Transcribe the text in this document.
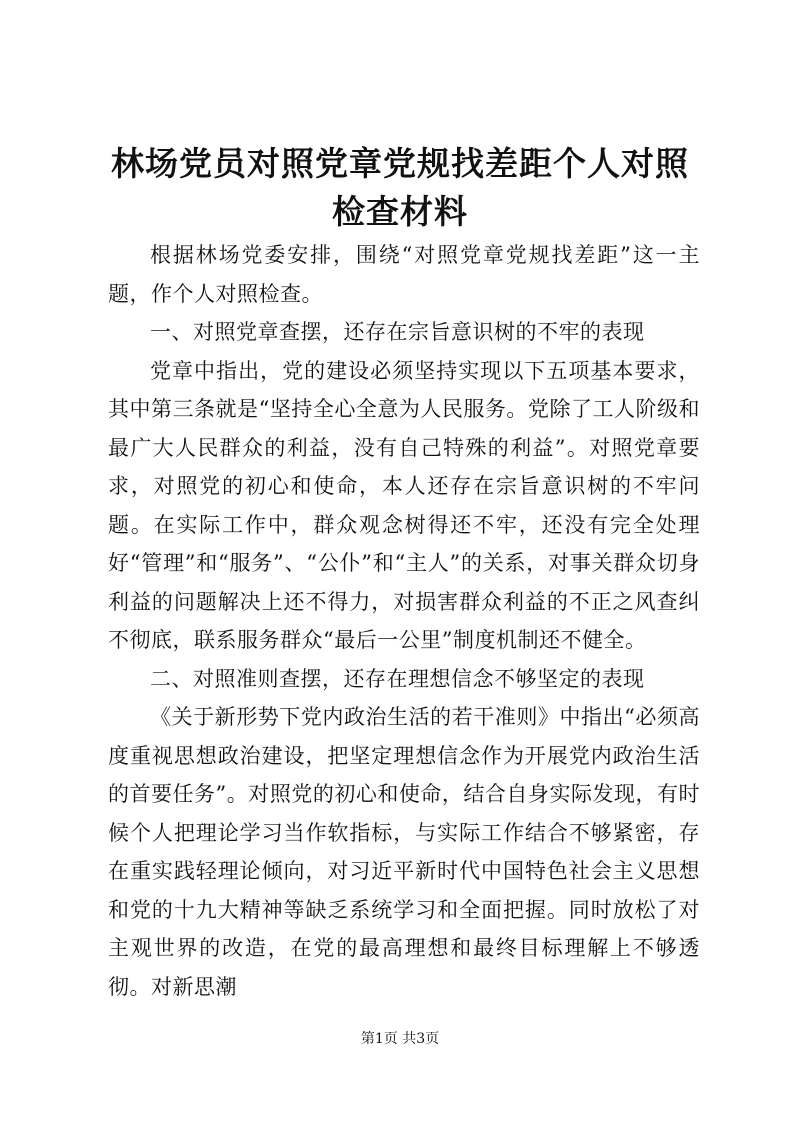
林场党员对照党章党规找差距个人对照检查材料

根据林场党委安排，围绕“对照党章党规找差距”这一主题，作个人对照检查。

一、对照党章查摆，还存在宗旨意识树的不牢的表现

党章中指出，党的建设必须坚持实现以下五项基本要求，其中第三条就是“坚持全心全意为人民服务。党除了工人阶级和最广大人民群众的利益，没有自己特殊的利益”。对照党章要求，对照党的初心和使命，本人还存在宗旨意识树的不牢问题。在实际工作中，群众观念树得还不牢，还没有完全处理好“管理”和“服务”、“公仆”和“主人”的关系，对事关群众切身利益的问题解决上还不得力，对损害群众利益的不正之风查纠不彻底，联系服务群众“最后一公里”制度机制还不健全。

二、对照准则查摆，还存在理想信念不够坚定的表现

《关于新形势下党内政治生活的若干准则》中指出“必须高度重视思想政治建设，把坚定理想信念作为开展党内政治生活的首要任务”。对照党的初心和使命，结合自身实际发现，有时候个人把理论学习当作软指标，与实际工作结合不够紧密，存在重实践轻理论倾向，对习近平新时代中国特色社会主义思想和党的十九大精神等缺乏系统学习和全面把握。同时放松了对主观世界的改造，在党的最高理想和最终目标理解上不够透彻。对新思潮

第1页 共3页
